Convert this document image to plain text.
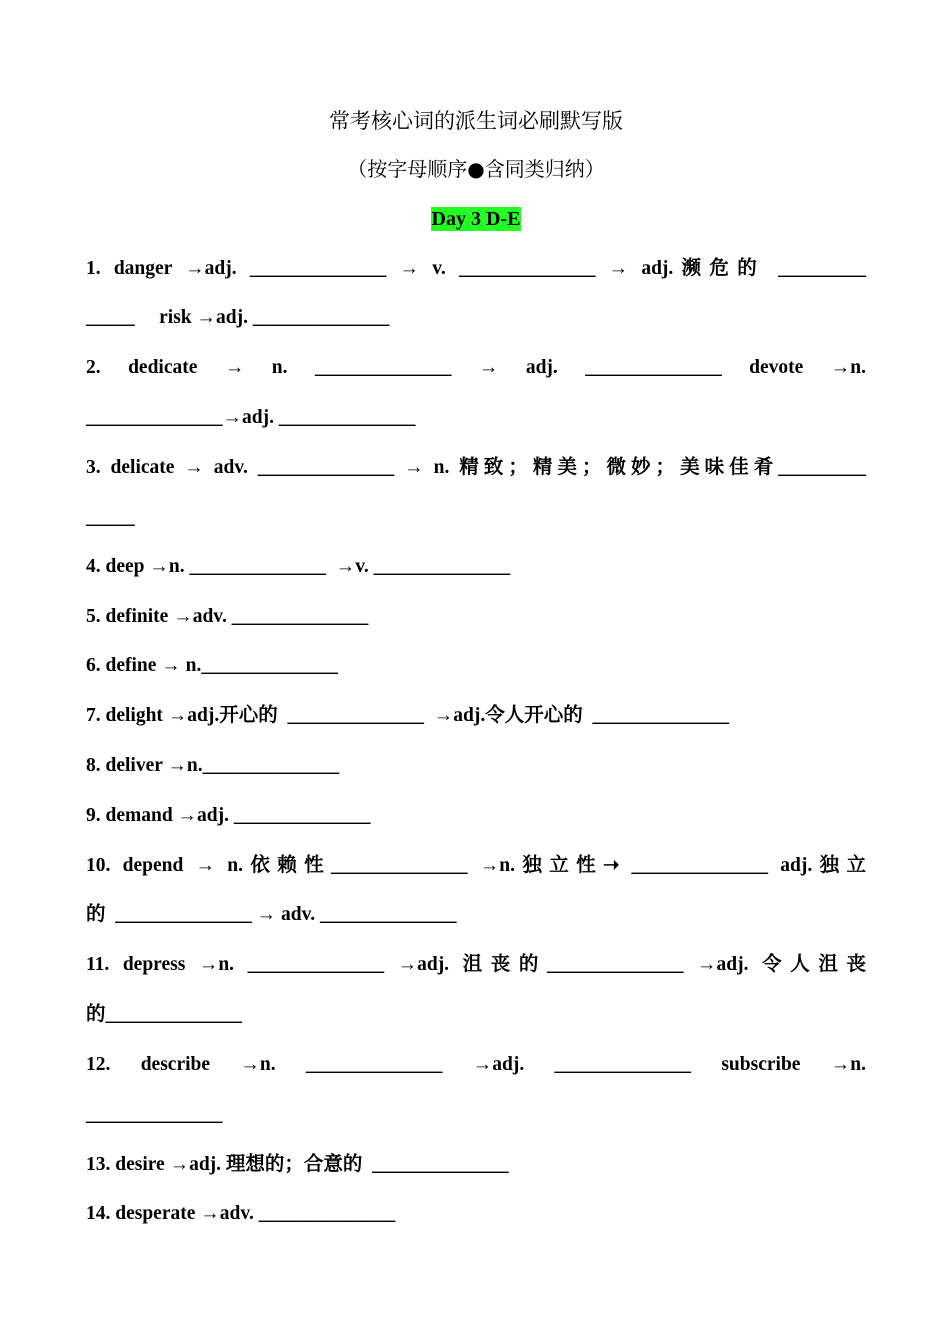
常考核心词的派生词必刷默写版
（按字母顺序●含同类归纳）
Day 3 D-E
1. danger →adj. ______________ → v. ______________ → adj.濒危的 _________
_____     risk →adj. ______________
2. dedicate → n. ______________ → adj. ______________ devote →n.
______________→adj. ______________
3. delicate → adv. ______________ → n. 精致；精美；微妙；美味佳肴_________
_____
4. deep →n. ______________  →v. ______________
5. definite →adv. ______________
6. define → n.______________
7. delight →adj.开心的  ______________  →adj.令人开心的  ______________
8. deliver →n.______________
9. demand →adj. ______________
10. depend → n.依赖性______________ →n.独立性➝ ______________ adj.独立
的  ______________ → adv. ______________
11. depress →n. ______________ →adj. 沮丧的______________ →adj. 令人沮丧
的______________
12. describe →n. ______________ →adj. ______________ subscribe →n.
______________
13. desire →adj. 理想的；合意的  ______________
14. desperate →adv. ______________
